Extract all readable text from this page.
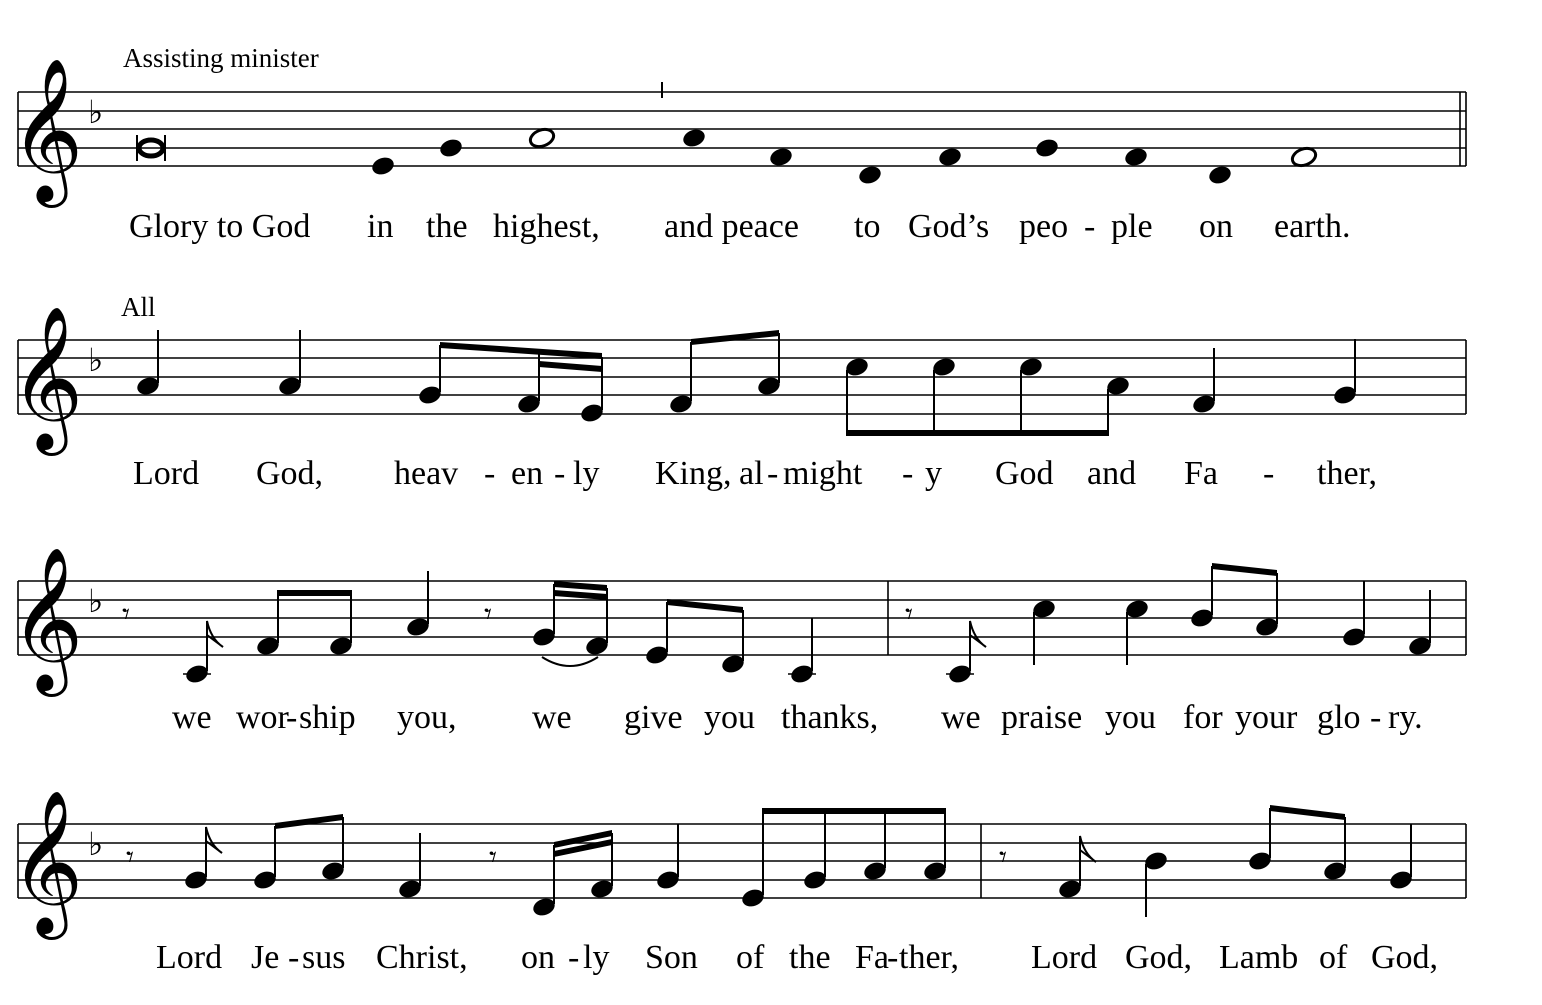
Assisting minister
𝄞 ♭
Glory to God in the highest, and peace to God’s peo - ple on earth.
All
𝄞 ♭
Lord God, heav - en - ly King, al - might - y God and Fa - ther,
𝄞 ♭ 𝄾	𝄾	𝄾
we wor
- ship you, we give you thanks, we praise you for your glo - ry.
𝄞 ♭ 𝄾	𝄾	𝄾
Lord Je - sus Christ, on - ly Son of the Fa
- ther, Lord God, Lamb of God,
